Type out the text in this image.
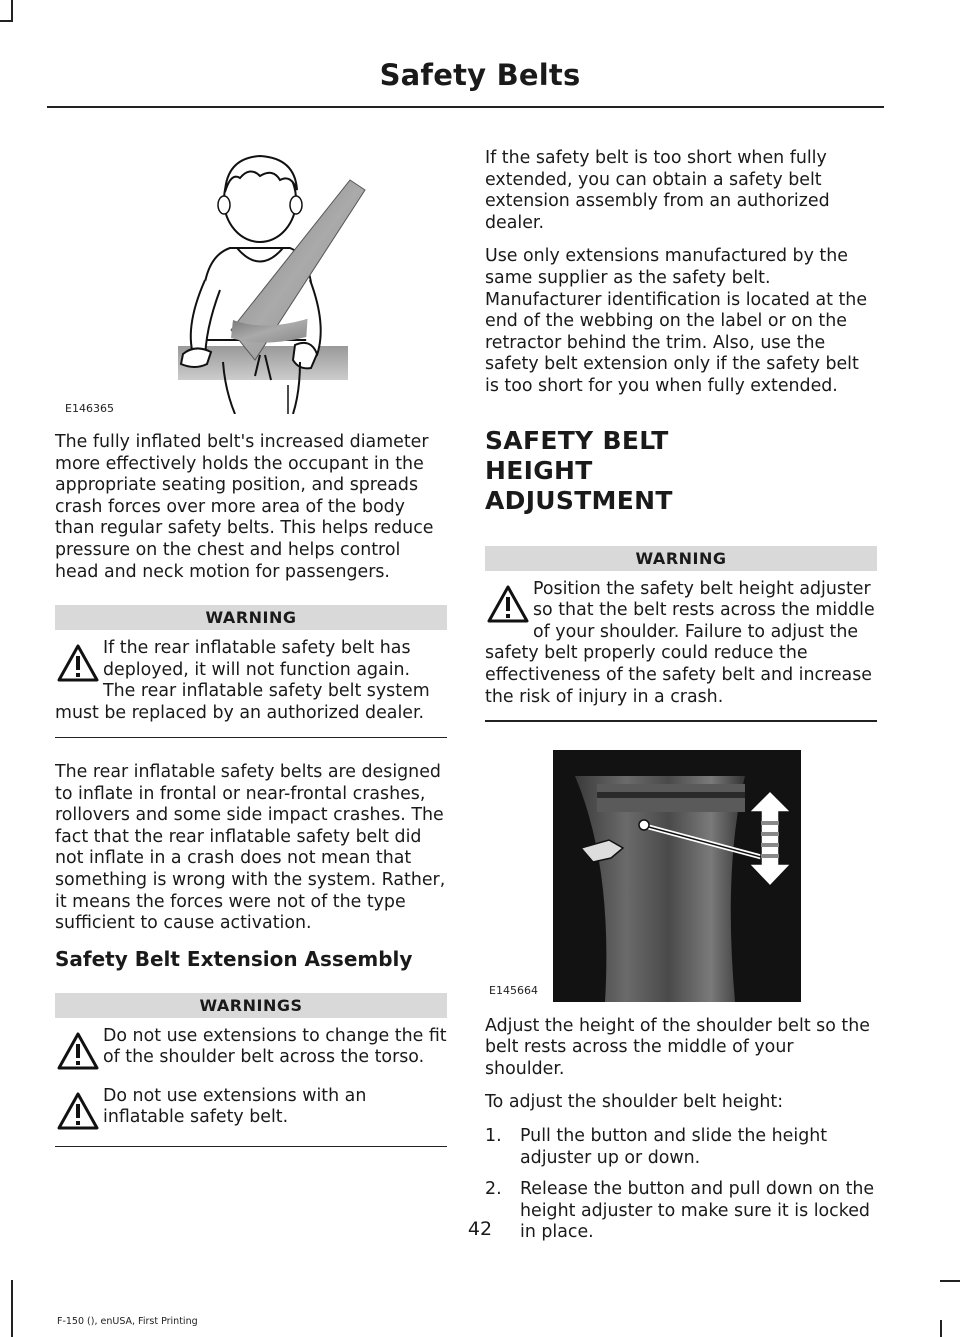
Safety Belts
E146365

The fully inflated belt's increased diameter more effectively holds the occupant in the appropriate seating position, and spreads crash forces over more area of the body than regular safety belts. This helps reduce pressure on the chest and helps control head and neck motion for passengers.

WARNING
If the rear inflatable safety belt has deployed, it will not function again. The rear inflatable safety belt system must be replaced by an authorized dealer.

The rear inflatable safety belts are designed to inflate in frontal or near-frontal crashes, rollovers and some side impact crashes. The fact that the rear inflatable safety belt did not inflate in a crash does not mean that something is wrong with the system. Rather, it means the forces were not of the type sufficient to cause activation.

Safety Belt Extension Assembly
WARNINGS
Do not use extensions to change the fit of the shoulder belt across the torso.
Do not use extensions with an inflatable safety belt.

If the safety belt is too short when fully extended, you can obtain a safety belt extension assembly from an authorized dealer.

Use only extensions manufactured by the same supplier as the safety belt. Manufacturer identification is located at the end of the webbing on the label or on the retractor behind the trim. Also, use the safety belt extension only if the safety belt is too short for you when fully extended.

SAFETY BELT HEIGHT ADJUSTMENT
WARNING
Position the safety belt height adjuster so that the belt rests across the middle of your shoulder. Failure to adjust the safety belt properly could reduce the effectiveness of the safety belt and increase the risk of injury in a crash.
E145664

Adjust the height of the shoulder belt so the belt rests across the middle of your shoulder.

To adjust the shoulder belt height:

1. Pull the button and slide the height adjuster up or down.
2. Release the button and pull down on the height adjuster to make sure it is locked in place.
42
F-150 (), enUSA, First Printing
